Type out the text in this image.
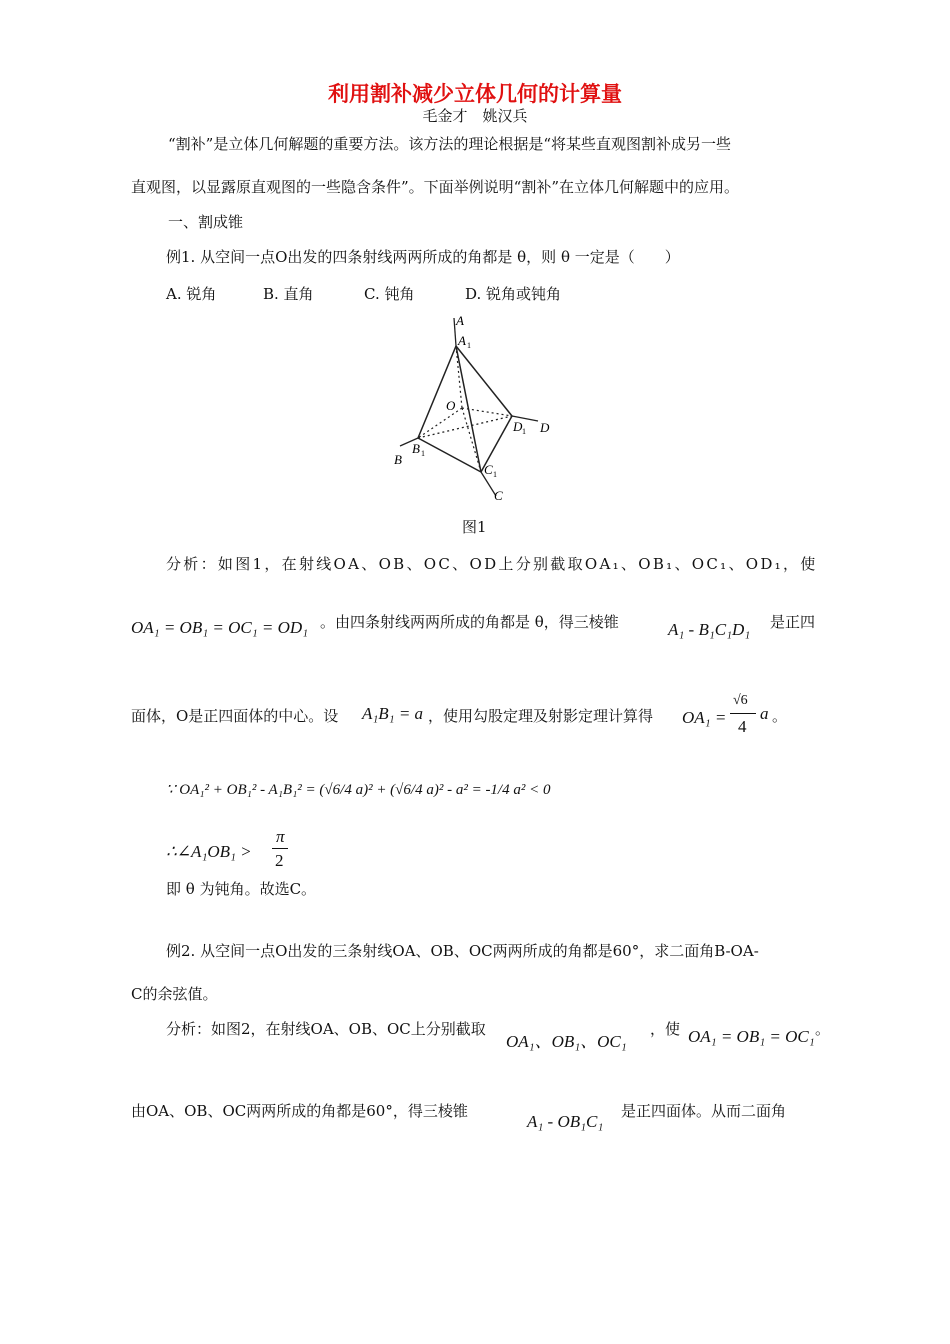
利用割补减少立体几何的计算量
毛金才　姚汉兵
“割补”是立体几何解题的重要方法。该方法的理论根据是“将某些直观图割补成另一些
直观图，以显露原直观图的一些隐含条件”。下面举例说明“割补”在立体几何解题中的应用。
一、割成锥
例1. 从空间一点O出发的四条射线两两所成的角都是 θ，则 θ 一定是（　　）
A. 锐角	B. 直角	C. 钝角	D. 锐角或钝角
A
A 1
O
D 1 D
B 1
B
C 1
C
图1
分析：如图1，在射线OA、OB、OC、OD上分别截取OA₁、OB₁、OC₁、OD₁，使
OA₁ = OB₁ = OC₁ = OD₁ 。由四条射线两两所成的角都是 θ，得三棱锥	A₁ - B₁C₁D₁ 是正四
面体，O是正四面体的中心。设 A₁B₁ = a ，使用勾股定理及射影定理计算得 OA₁ =
√6
4
a 。
∵ OA₁² + OB₁² - A₁B₁² = (√6/4 a)² + (√6/4 a)² - a² = -1/4 a² < 0
∴∠A₁OB₁ >
π
2
即 θ 为钝角。故选C。
例2. 从空间一点O出发的三条射线OA、OB、OC两两所成的角都是60°，求二面角B-OA-
C的余弦值。
分析：如图2，在射线OA、OB、OC上分别截取
OA₁、OB₁、OC₁
，使 OA₁ = OB₁ = OC₁ 。
由OA、OB、OC两两所成的角都是60°，得三棱锥
A₁ - OB₁C₁
是正四面体。从而二面角
